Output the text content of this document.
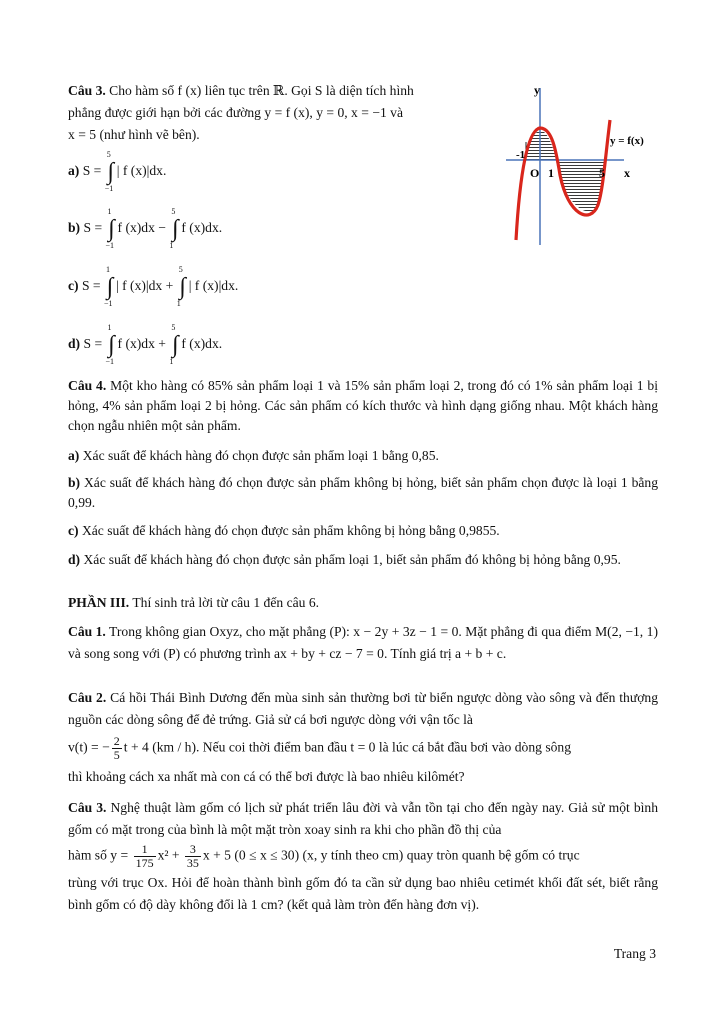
Câu 3. Cho hàm số f (x) liên tục trên ℝ. Gọi S là diện tích hình

phẳng được giới hạn bởi các đường y = f (x), y = 0, x = −1 và

x = 5 (như hình vẽ bên).

a) S =
5
∫
−1
| f (x)|dx.
b) S =
1
∫
−1
f (x)dx −
5
∫
1
f (x)dx.
c) S =
1
∫
−1
| f (x)|dx +
5
∫
1
| f (x)|dx.
d) S =
1
∫
−1
f (x)dx +
5
∫
1
f (x)dx.
y
x
y = f(x)
-1
O 1	5

Câu 4. Một kho hàng có 85% sản phẩm loại 1 và 15% sản phẩm loại 2, trong đó có 1% sản phẩm loại 1 bị hỏng, 4% sản phẩm loại 2 bị hỏng. Các sản phẩm có kích thước và hình dạng giống nhau. Một khách hàng chọn ngẫu nhiên một sản phẩm.

a) Xác suất để khách hàng đó chọn được sản phẩm loại 1 bằng 0,85.

b) Xác suất để khách hàng đó chọn được sản phẩm không bị hỏng, biết sản phẩm chọn được là loại 1 bằng 0,99.

c) Xác suất để khách hàng đó chọn được sản phẩm không bị hỏng bằng 0,9855.

d) Xác suất để khách hàng đó chọn được sản phẩm loại 1, biết sản phẩm đó không bị hỏng bằng 0,95.

PHẦN III. Thí sinh trả lời từ câu 1 đến câu 6.

Câu 1. Trong không gian Oxyz, cho mặt phẳng (P): x − 2y + 3z − 1 = 0. Mặt phẳng đi qua điểm M(2, −1, 1) và song song với (P) có phương trình ax + by + cz − 7 = 0. Tính giá trị a + b + c.

Câu 2. Cá hồi Thái Bình Dương đến mùa sinh sản thường bơi từ biển ngược dòng vào sông và đến thượng nguồn các dòng sông để đẻ trứng. Giả sử cá bơi ngược dòng với vận tốc là

v(t) = − $\frac{2}{5}$ t + 4 (km / h). Nếu coi thời điểm ban đầu t = 0 là lúc cá bắt đầu bơi vào dòng sông

thì khoảng cách xa nhất mà con cá có thể bơi được là bao nhiêu kilômét?

Câu 3. Nghệ thuật làm gốm có lịch sử phát triển lâu đời và vẫn tồn tại cho đến ngày nay. Giả sử một bình gốm có mặt trong của bình là một mặt tròn xoay sinh ra khi cho phần đồ thị của

hàm số $y = \frac{1}{175} x^2 + \frac{3}{35}$ x + 5 (0 ≤ x ≤ 30) (x, y tính theo cm) quay tròn quanh bệ gốm có trục

trùng với trục Ox. Hỏi để hoàn thành bình gốm đó ta cần sử dụng bao nhiêu cetimét khối đất sét, biết rằng bình gốm có độ dày không đổi là 1 cm? (kết quả làm tròn đến hàng đơn vị).

Trang 3
